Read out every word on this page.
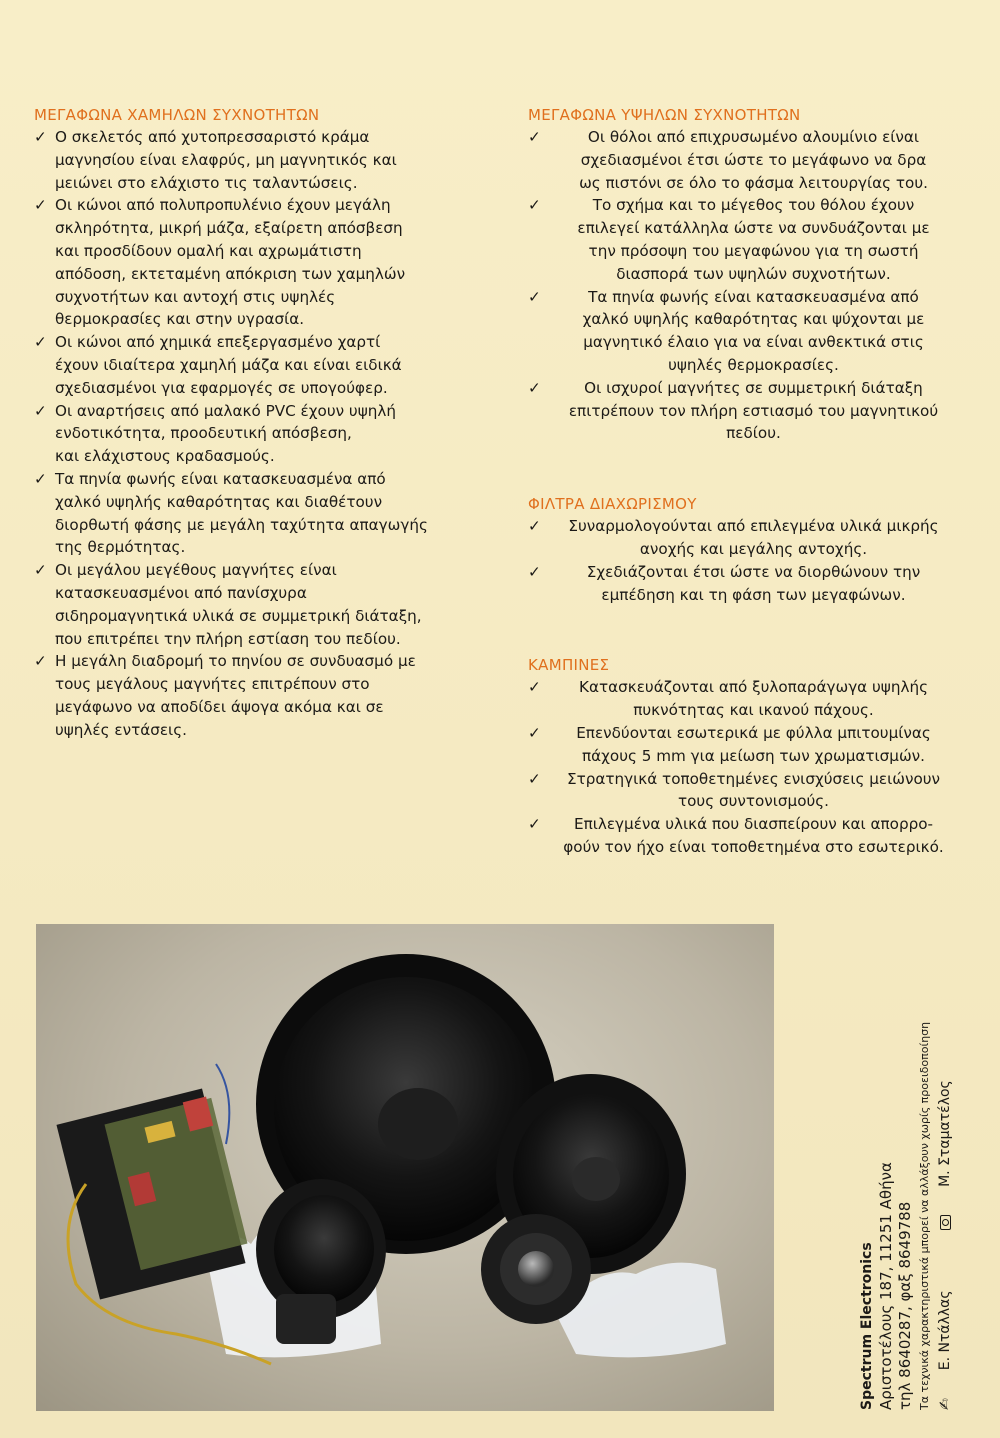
ΜΕΓΑΦΩΝΑ ΧΑΜΗΛΩΝ ΣΥΧΝΟΤΗΤΩΝ
✓ Ο σκελετός από χυτοπρεσσαριστό κράμα
μαγνησίου είναι ελαφρύς, μη μαγνητικός και
μειώνει στο ελάχιστο τις ταλαντώσεις.
✓ Οι κώνοι από πολυπροπυλένιο έχουν μεγάλη
σκληρότητα, μικρή μάζα, εξαίρετη απόσβεση
και προσδίδουν ομαλή και αχρωμάτιστη
απόδοση, εκτεταμένη απόκριση των χαμηλών
συχνοτήτων και αντοχή στις υψηλές
θερμοκρασίες και στην υγρασία.
✓ Οι κώνοι από χημικά επεξεργασμένο χαρτί
έχουν ιδιαίτερα χαμηλή μάζα και είναι ειδικά
σχεδιασμένοι για εφαρμογές σε υπογούφερ.
✓ Οι αναρτήσεις από μαλακό PVC έχουν υψηλή
ενδοτικότητα, προοδευτική απόσβεση,
και ελάχιστους κραδασμούς.
✓ Τα πηνία φωνής είναι κατασκευασμένα από
χαλκό υψηλής καθαρότητας και διαθέτουν
διορθωτή φάσης με μεγάλη ταχύτητα απαγωγής
της θερμότητας.
✓ Οι μεγάλου μεγέθους μαγνήτες είναι
κατασκευασμένοι από πανίσχυρα
σιδηρομαγνητικά υλικά σε συμμετρική διάταξη,
που επιτρέπει την πλήρη εστίαση του πεδίου.
✓ Η μεγάλη διαδρομή το πηνίου σε συνδυασμό με
τους μεγάλους μαγνήτες επιτρέπουν στο
μεγάφωνο να αποδίδει άψογα ακόμα και σε
υψηλές εντάσεις.
ΜΕΓΑΦΩΝΑ ΥΨΗΛΩΝ ΣΥΧΝΟΤΗΤΩΝ
✓	Οι θόλοι από επιχρυσωμένο αλουμίνιο είναι
σχεδιασμένοι έτσι ώστε το μεγάφωνο να δρα
ως πιστόνι σε όλο το φάσμα λειτουργίας του.
✓	Το σχήμα και το μέγεθος του θόλου έχουν
επιλεγεί κατάλληλα ώστε να συνδυάζονται με
την πρόσοψη του μεγαφώνου για τη σωστή
διασπορά των υψηλών συχνοτήτων.
✓	Τα πηνία φωνής είναι κατασκευασμένα από
χαλκό υψηλής καθαρότητας και ψύχονται με
μαγνητικό έλαιο για να είναι ανθεκτικά στις
υψηλές θερμοκρασίες.
✓	Οι ισχυροί μαγνήτες σε συμμετρική διάταξη
επιτρέπουν τον πλήρη εστιασμό του μαγνητικού
πεδίου.
ΦΙΛΤΡΑ ΔΙΑΧΩΡΙΣΜΟΥ
✓	Συναρμολογούνται από επιλεγμένα υλικά μικρής
ανοχής και μεγάλης αντοχής.
✓	Σχεδιάζονται έτσι ώστε να διορθώνουν την
εμπέδηση και τη φάση των μεγαφώνων.
ΚΑΜΠΙΝΕΣ
✓	Κατασκευάζονται από ξυλοπαράγωγα υψηλής
πυκνότητας και ικανού πάχους.
✓	Επενδύονται εσωτερικά με φύλλα μπιτουμίνας
πάχους 5 mm για μείωση των χρωματισμών.
✓	Στρατηγικά τοποθετημένες ενισχύσεις μειώνουν
τους συντονισμούς.
✓	Επιλεγμένα υλικά που διασπείρουν και απορρο-
φούν τον ήχο είναι τοποθετημένα στο εσωτερικό.
Spectrum Electronics Αριστοτέλους 187, 11251 Αθήνα τηλ 8640287, φαξ 8649788 Τα τεχνικά χαρακτηριστικά μπορεί να αλλάξουν χωρίς προειδοποίηση ✍Ε. Ντάλλας Μ. Σταματέλος
